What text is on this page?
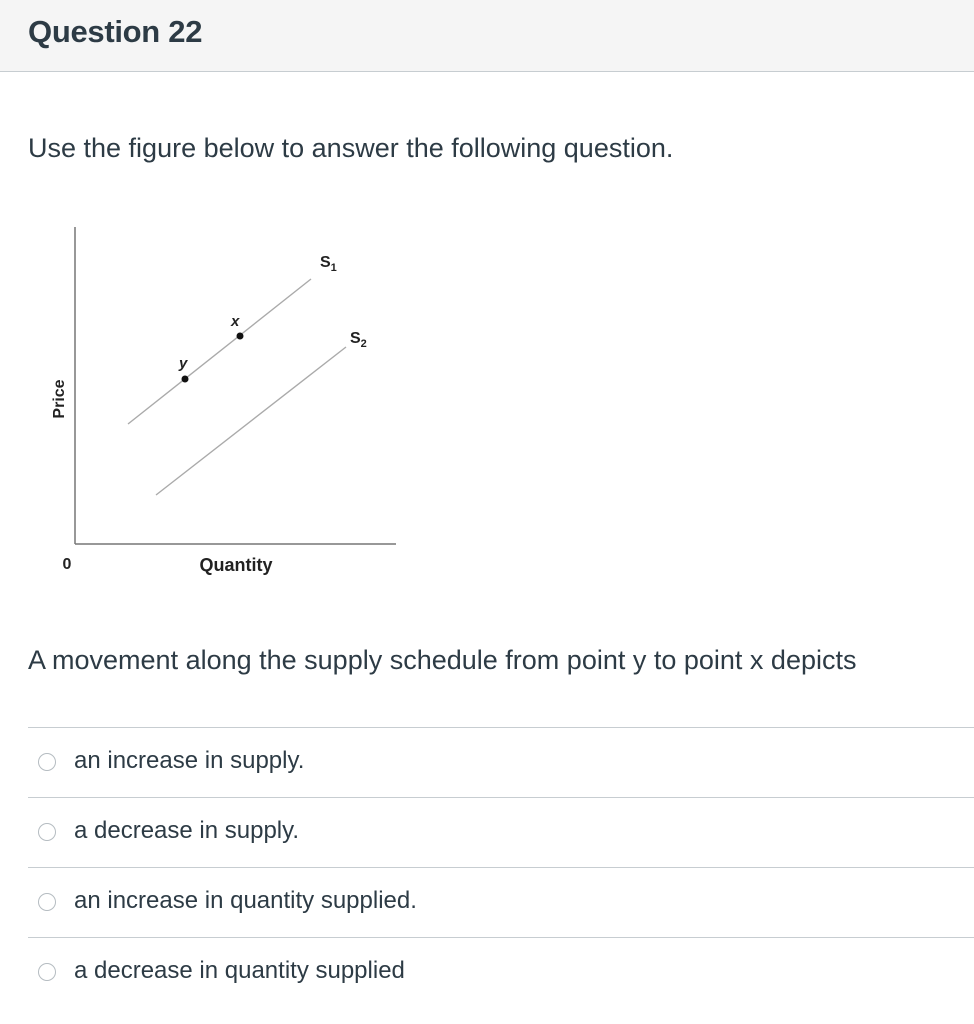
Question 22
Use the figure below to answer the following question.
Price
0	Quantity
$S_1$
$S_2$
x
y
A movement along the supply schedule from point y to point x depicts
an increase in supply.
a decrease in supply.
an increase in quantity supplied.
a decrease in quantity supplied
